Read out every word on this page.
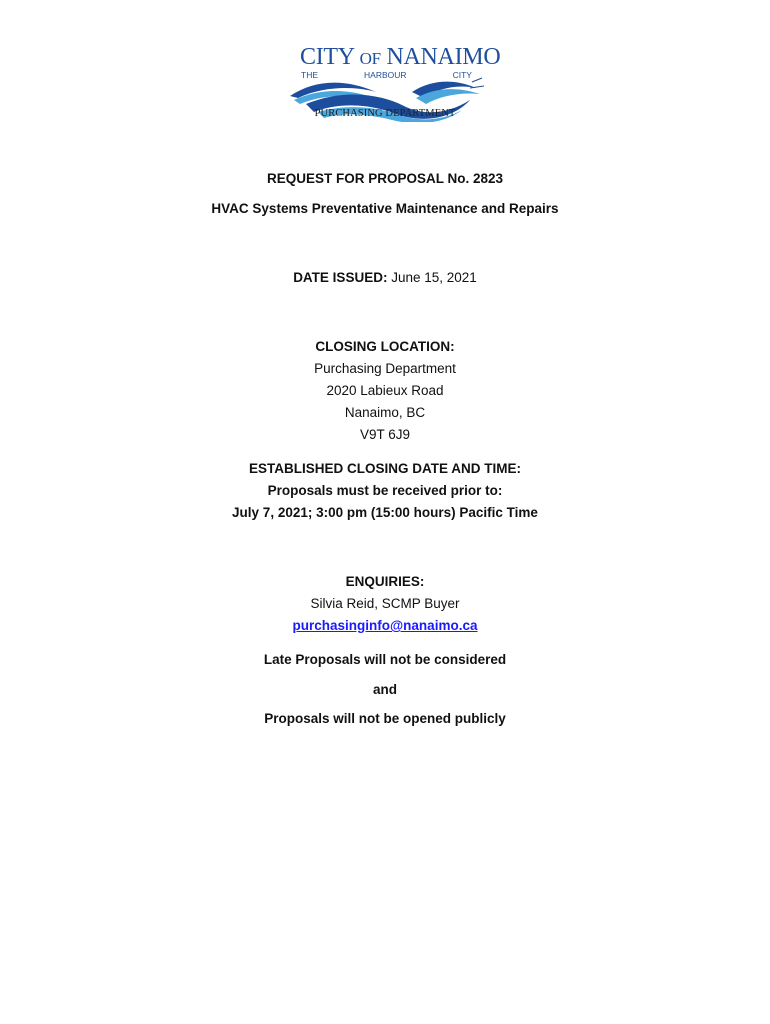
CITY OF NANAIMO
THE	HARBOUR	CITY
PURCHASING DEPARTMENT
REQUEST FOR PROPOSAL No. 2823
HVAC Systems Preventative Maintenance and Repairs
DATE ISSUED: June 15, 2021
CLOSING LOCATION:
Purchasing Department
2020 Labieux Road
Nanaimo, BC
V9T 6J9
ESTABLISHED CLOSING DATE AND TIME:
Proposals must be received prior to:
July 7, 2021; 3:00 pm (15:00 hours) Pacific Time
ENQUIRIES:
Silvia Reid, SCMP Buyer
purchasinginfo@nanaimo.ca
Late Proposals will not be considered
and
Proposals will not be opened publicly
